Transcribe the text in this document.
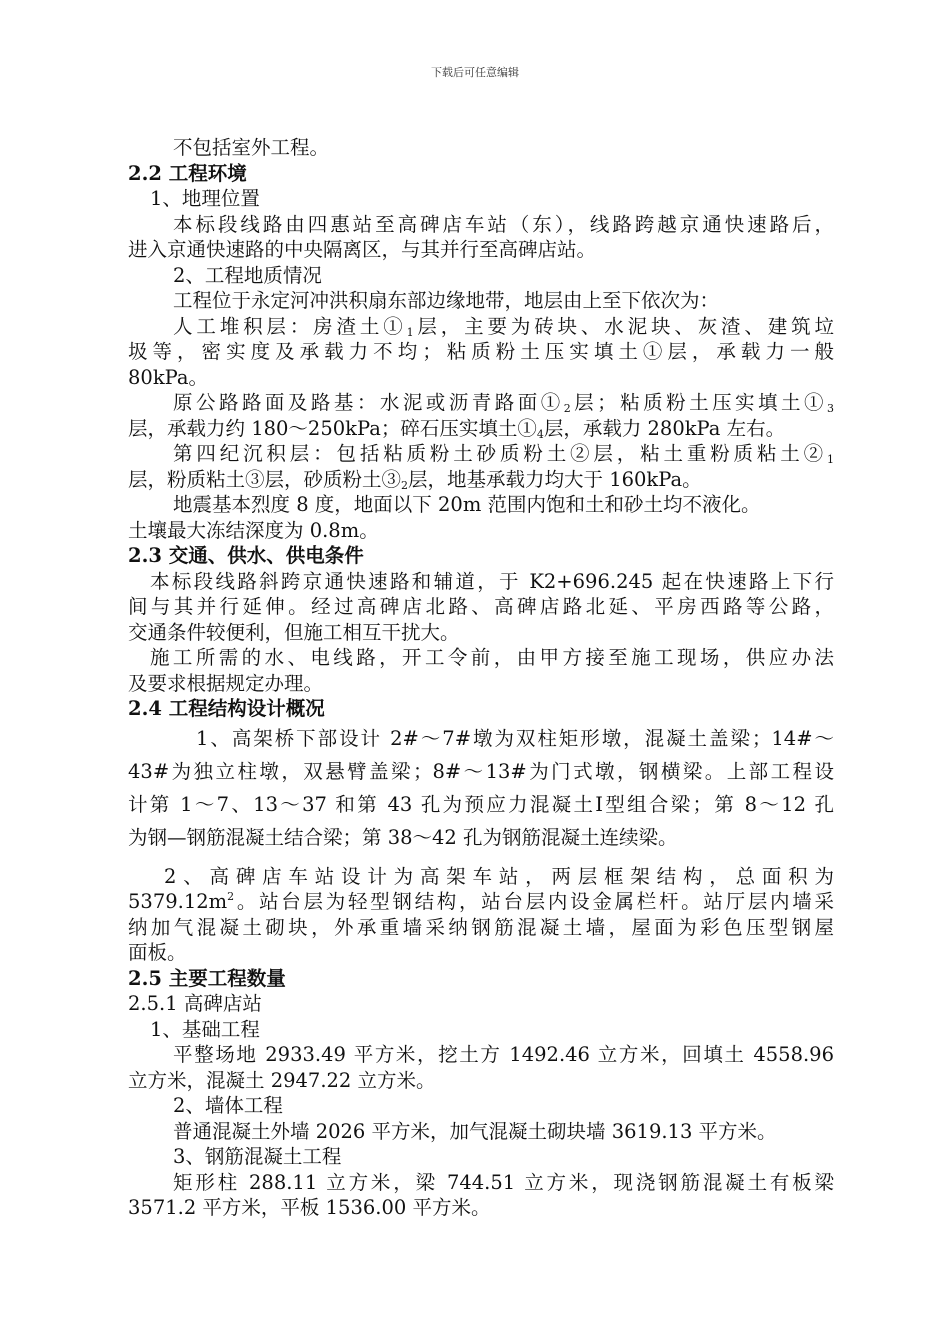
下载后可任意编辑
不包括室外工程。
2.2 工程环境
1、地理位置
本标段线路由四惠站至高碑店车站（东），线路跨越京通快速路后，
进入京通快速路的中央隔离区，与其并行至高碑店站。
2、工程地质情况
工程位于永定河冲洪积扇东部边缘地带，地层由上至下依次为：
人工堆积层：房渣土$①_1$层，主要为砖块、水泥块、灰渣、建筑垃
圾等，密实度及承载力不均；粘质粉土压实填土①层，承载力一般
80kPa。
原公路路面及路基：水泥或沥青路面$①_2$层；粘质粉土压实填土$①_3$
层，承载力约 180～250kPa；碎石压实填土$①_4$层，承载力 280kPa 左右。
第四纪沉积层：包括粘质粉土砂质粉土②层，粘土重粉质粘土$②_1$
层，粉质粘土③层，砂质粉土$③_2$层，地基承载力均大于 160kPa。
地震基本烈度 8 度，地面以下 20m 范围内饱和土和砂土均不液化。
土壤最大冻结深度为 0.8m。
2.3 交通、供水、供电条件
本标段线路斜跨京通快速路和辅道，于 K2+696.245 起在快速路上下行
间与其并行延伸。经过高碑店北路、高碑店路北延、平房西路等公路，
交通条件较便利，但施工相互干扰大。
施工所需的水、电线路，开工令前，由甲方接至施工现场，供应办法
及要求根据规定办理。
2.4 工程结构设计概况
1、高架桥下部设计 2#～7#墩为双柱矩形墩，混凝土盖梁；14#～
43#为独立柱墩，双悬臂盖梁；8#～13#为门式墩，钢横梁。上部工程设
计第 1～7、13～37 和第 43 孔为预应力混凝土Ⅰ型组合梁；第 8～12 孔
为钢—钢筋混凝土结合梁；第 38～42 孔为钢筋混凝土连续梁。
2、高碑店车站设计为高架车站，两层框架结构，总面积为
$5379.12m^2$。站台层为轻型钢结构，站台层内设金属栏杆。站厅层内墙采
纳加气混凝土砌块，外承重墙采纳钢筋混凝土墙，屋面为彩色压型钢屋
面板。
2.5 主要工程数量
2.5.1 高碑店站
1、基础工程
平整场地 2933.49 平方米，挖土方 1492.46 立方米，回填土 4558.96
立方米，混凝土 2947.22 立方米。
2、墙体工程
普通混凝土外墙 2026 平方米，加气混凝土砌块墙 3619.13 平方米。
3、钢筋混凝土工程
矩形柱 288.11 立方米，梁 744.51 立方米，现浇钢筋混凝土有板梁
3571.2 平方米，平板 1536.00 平方米。
